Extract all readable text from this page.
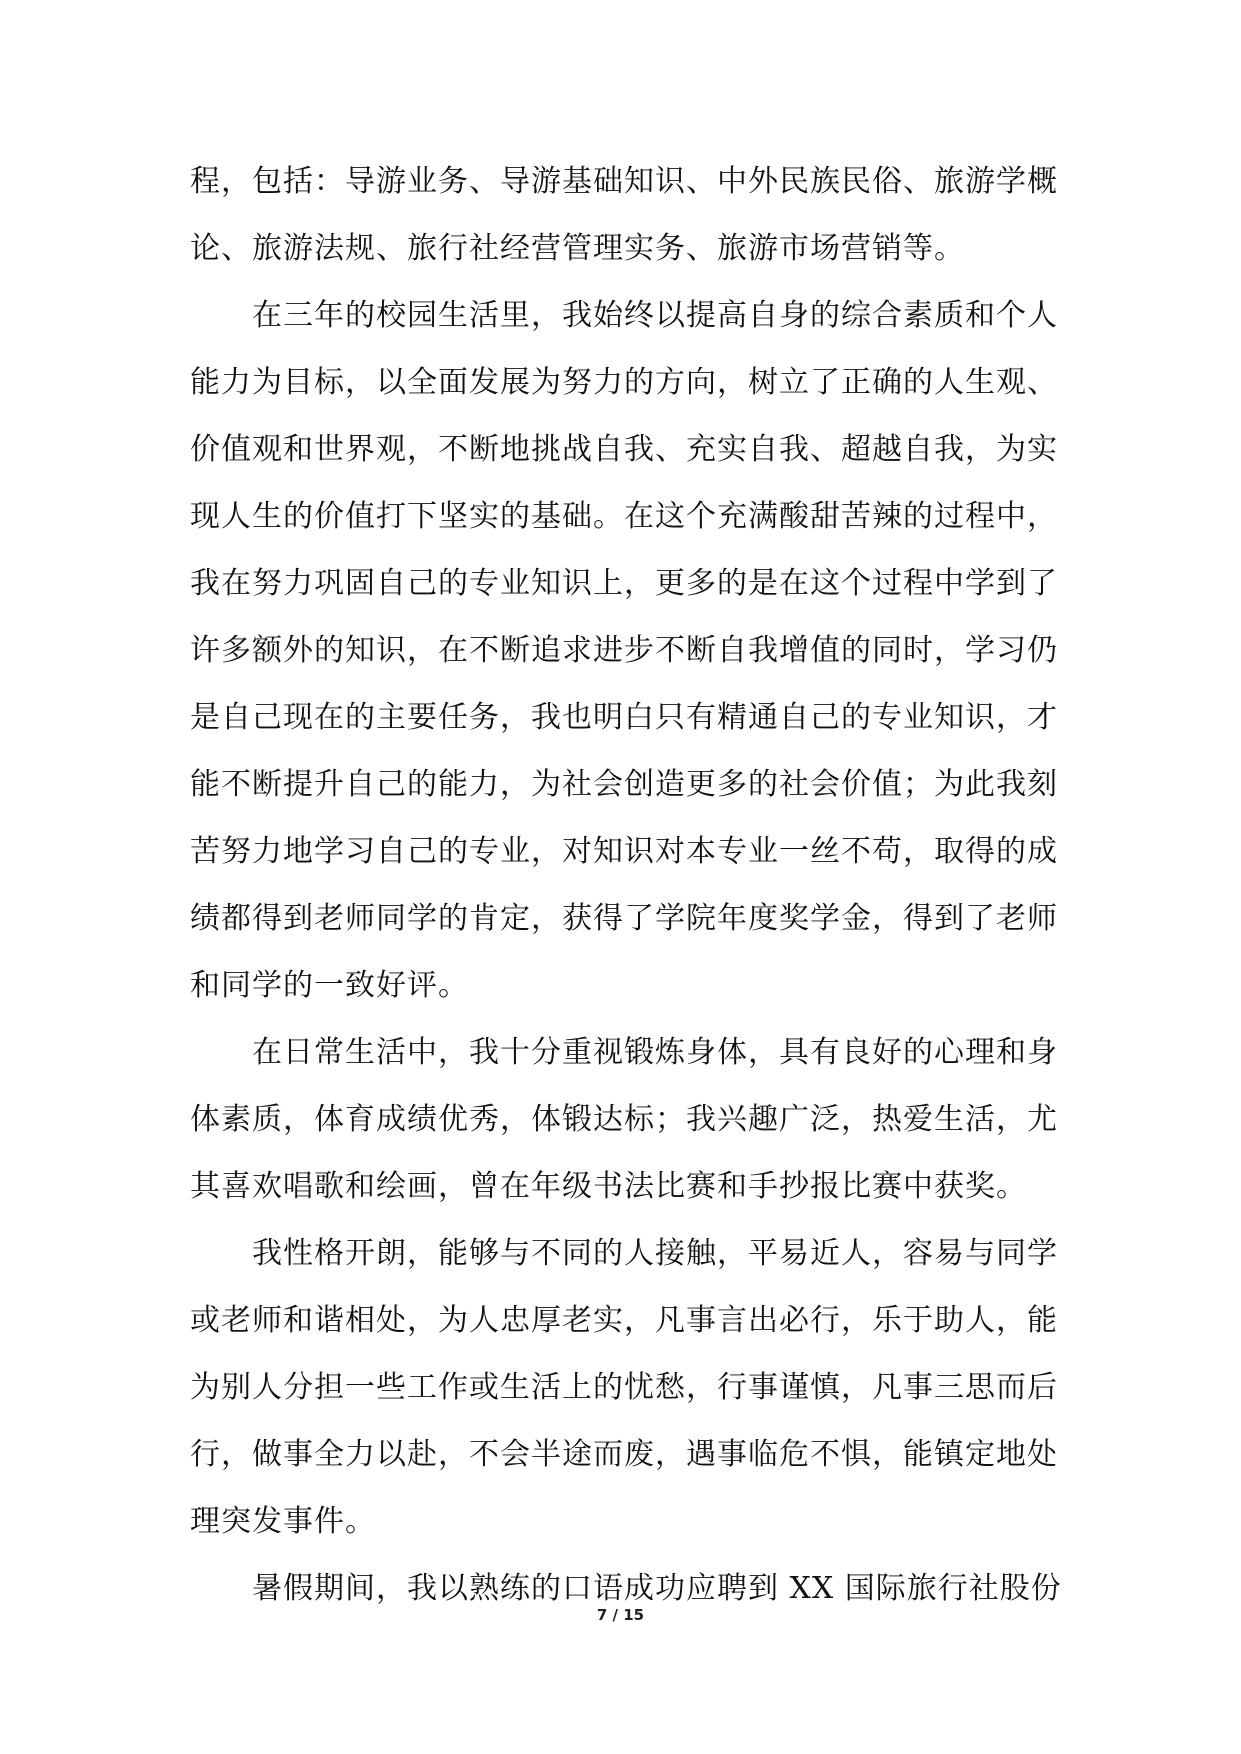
程，包括：导游业务、导游基础知识、中外民族民俗、旅游学概
论、旅游法规、旅行社经营管理实务、旅游市场营销等。
在三年的校园生活里，我始终以提高自身的综合素质和个人
能力为目标，以全面发展为努力的方向，树立了正确的人生观、
价值观和世界观，不断地挑战自我、充实自我、超越自我，为实
现人生的价值打下坚实的基础。在这个充满酸甜苦辣的过程中，
我在努力巩固自己的专业知识上，更多的是在这个过程中学到了
许多额外的知识，在不断追求进步不断自我增值的同时，学习仍
是自己现在的主要任务，我也明白只有精通自己的专业知识，才
能不断提升自己的能力，为社会创造更多的社会价值；为此我刻
苦努力地学习自己的专业，对知识对本专业一丝不苟，取得的成
绩都得到老师同学的肯定，获得了学院年度奖学金，得到了老师
和同学的一致好评。
在日常生活中，我十分重视锻炼身体，具有良好的心理和身
体素质，体育成绩优秀，体锻达标；我兴趣广泛，热爱生活，尤
其喜欢唱歌和绘画，曾在年级书法比赛和手抄报比赛中获奖。
我性格开朗，能够与不同的人接触，平易近人，容易与同学
或老师和谐相处，为人忠厚老实，凡事言出必行，乐于助人，能
为别人分担一些工作或生活上的忧愁，行事谨慎，凡事三思而后
行，做事全力以赴，不会半途而废，遇事临危不惧，能镇定地处
理突发事件。
暑假期间，我以熟练的口语成功应聘到 XX 国际旅行社股份
7 / 15
